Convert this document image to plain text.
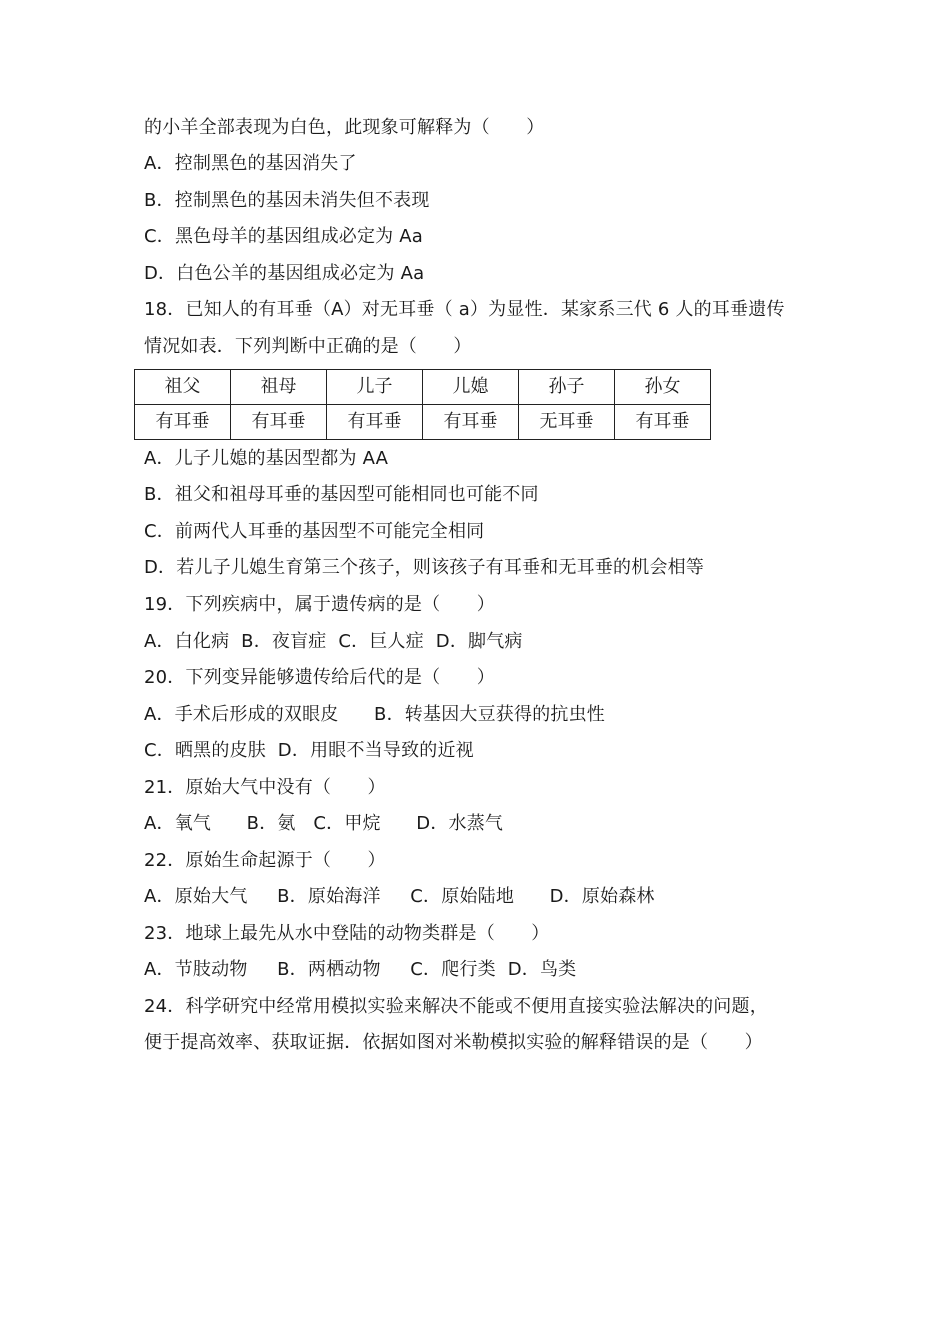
的小羊全部表现为白色，此现象可解释为（　　）
A．控制黑色的基因消失了
B．控制黑色的基因未消失但不表现
C．黑色母羊的基因组成必定为 Aa
D．白色公羊的基因组成必定为 Aa
18．已知人的有耳垂（A）对无耳垂（ a）为显性．某家系三代 6 人的耳垂遗传
情况如表．下列判断中正确的是（　　）
祖父	祖母	儿子	儿媳	孙子	孙女
有耳垂	有耳垂	有耳垂	有耳垂	无耳垂	有耳垂
A．儿子儿媳的基因型都为 AA
B．祖父和祖母耳垂的基因型可能相同也可能不同
C．前两代人耳垂的基因型不可能完全相同
D．若儿子儿媳生育第三个孩子，则该孩子有耳垂和无耳垂的机会相等
19．下列疾病中，属于遗传病的是（　　）
A．白化病  B．夜盲症  C．巨人症  D．脚气病
20．下列变异能够遗传给后代的是（　　）
A．手术后形成的双眼皮      B．转基因大豆获得的抗虫性
C．晒黑的皮肤  D．用眼不当导致的近视
21．原始大气中没有（　　）
A．氧气      B．氨   C．甲烷      D．水蒸气
22．原始生命起源于（　　）
A．原始大气     B．原始海洋     C．原始陆地      D．原始森林
23．地球上最先从水中登陆的动物类群是（　　）
A．节肢动物     B．两栖动物     C．爬行类  D．鸟类
24．科学研究中经常用模拟实验来解决不能或不便用直接实验法解决的问题，
便于提高效率、获取证据．依据如图对米勒模拟实验的解释错误的是（　　）
